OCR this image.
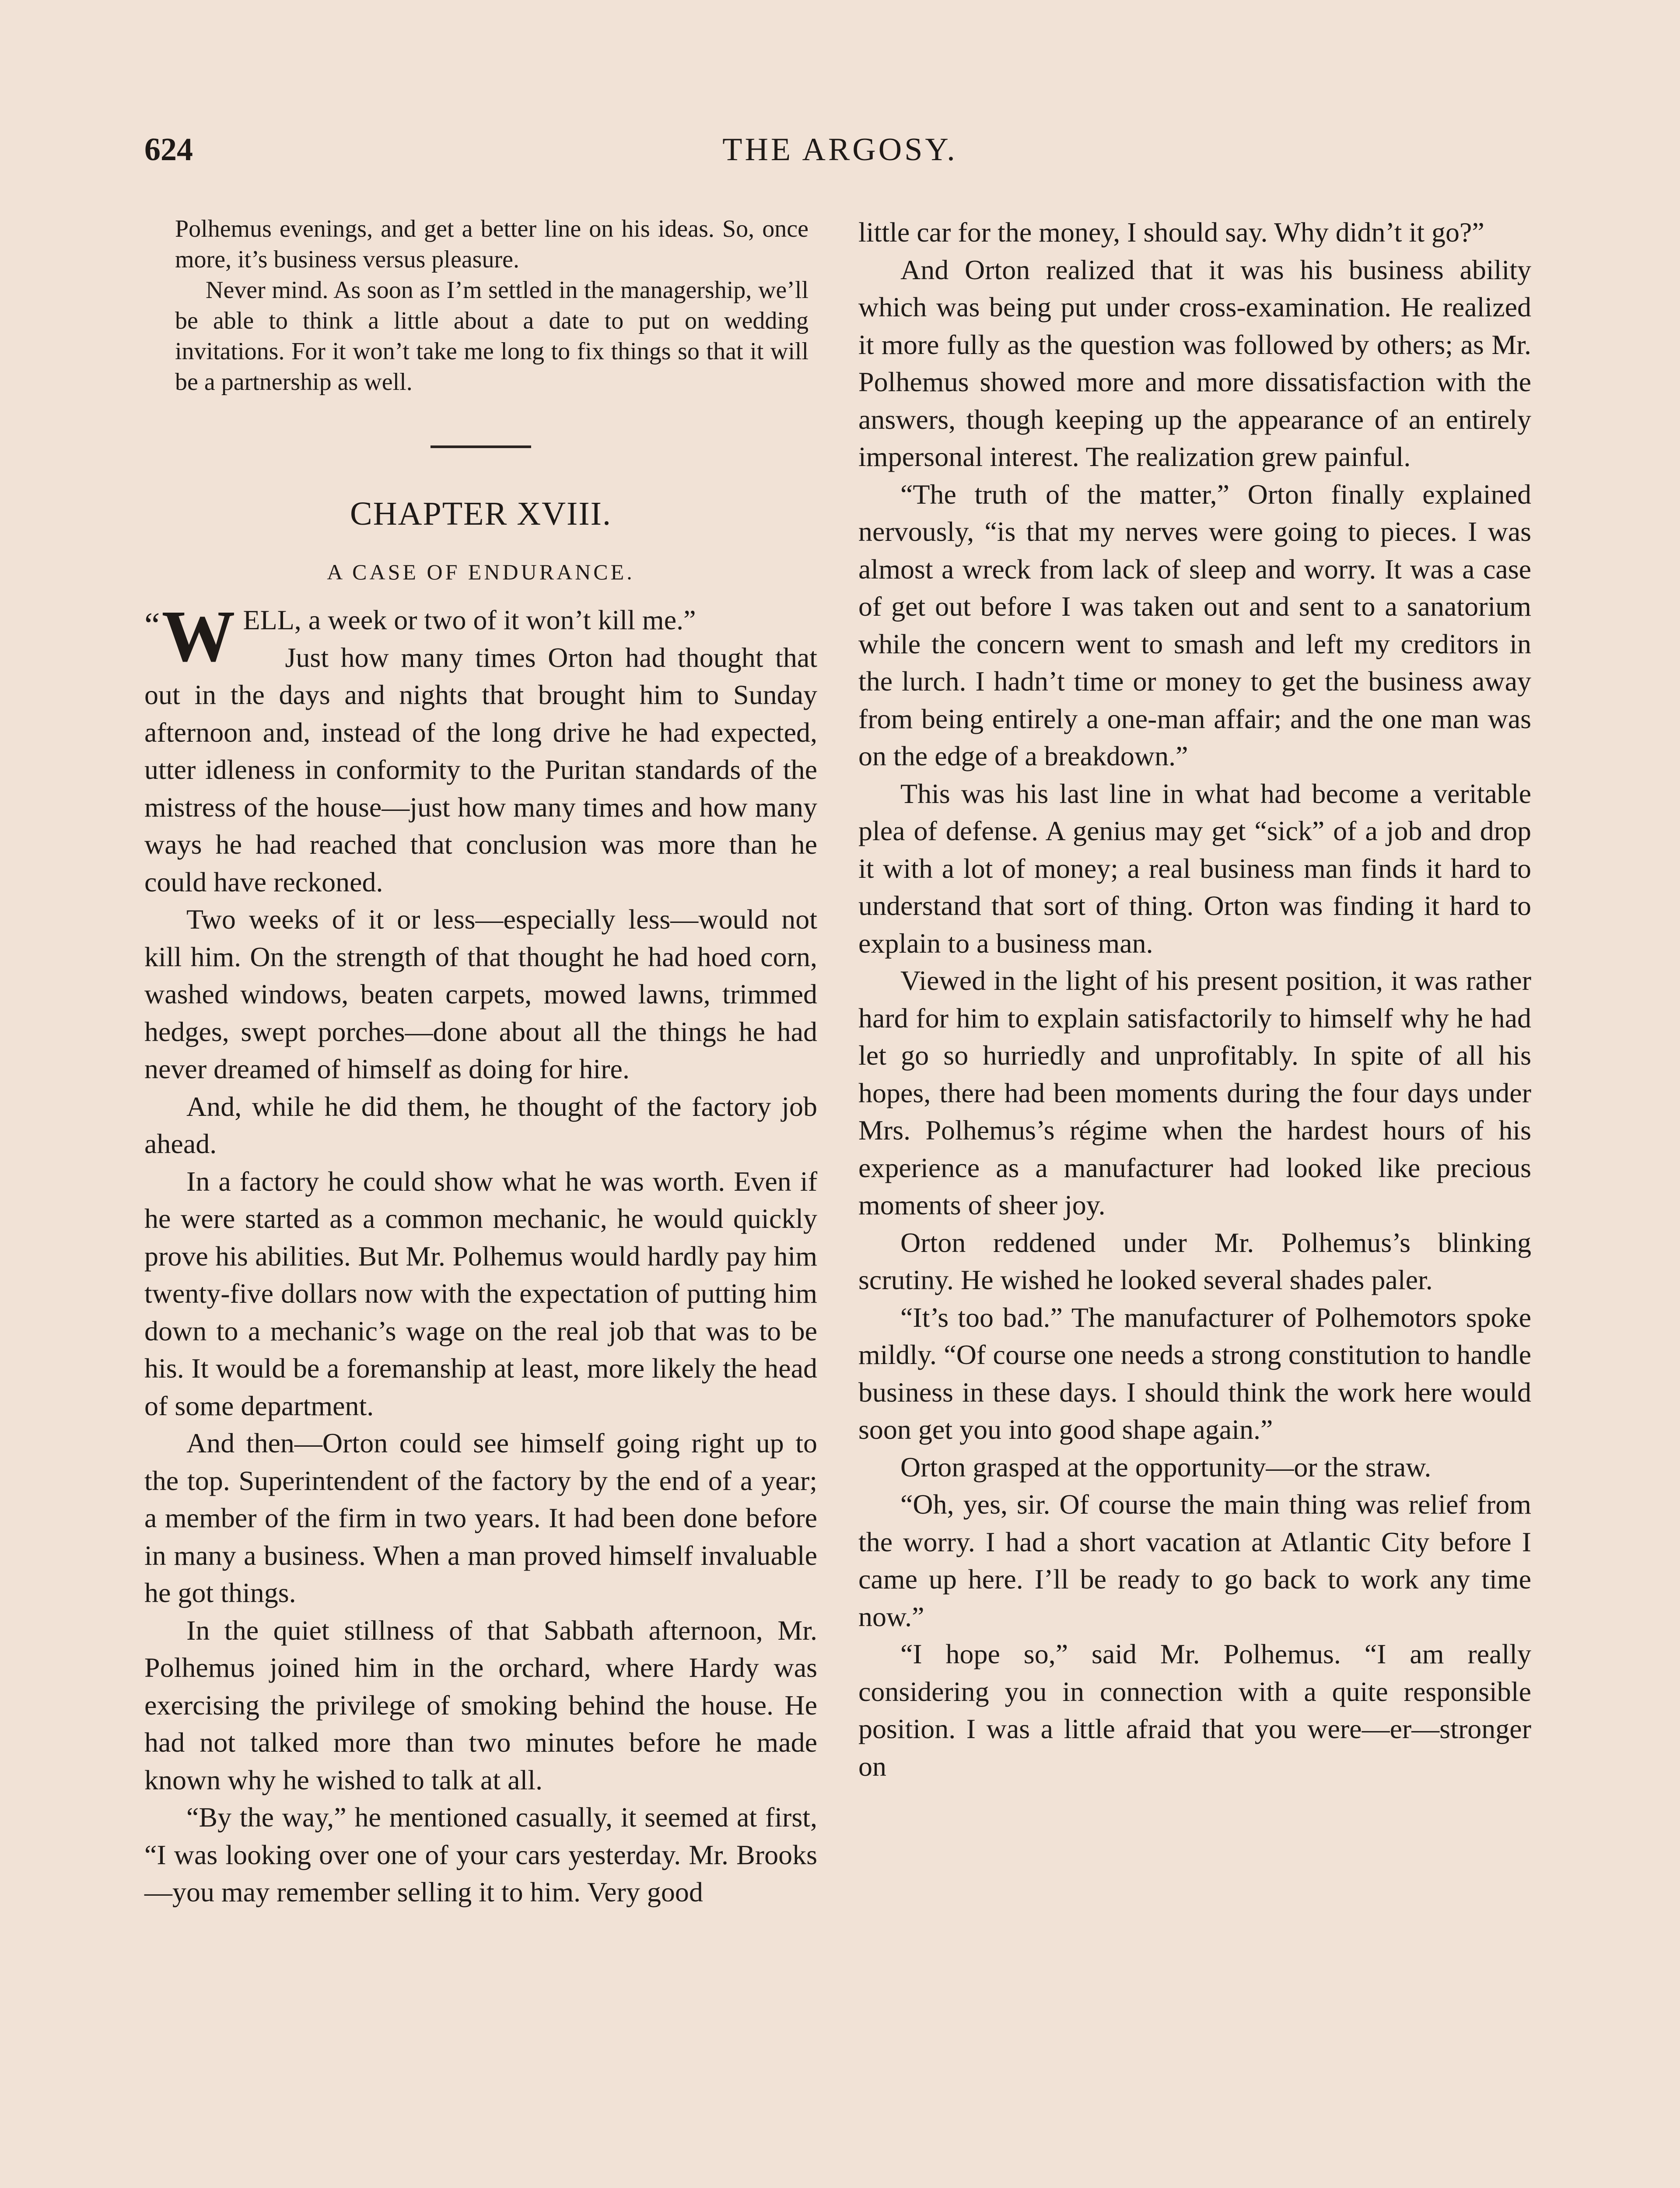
624	THE ARGOSY.

Polhemus evenings, and get a better line on his ideas. So, once more, it’s business versus pleasure.

Never mind. As soon as I’m settled in the managership, we’ll be able to think a little about a date to put on wedding invitations. For it won’t take me long to fix things so that it will be a partnership as well.

CHAPTER XVIII.
A CASE OF ENDURANCE.

“ W ELL, a week or two of it won’t kill me.”

Just how many times Orton had thought that out in the days and nights that brought him to Sunday afternoon and, instead of the long drive he had expected, utter idleness in conformity to the Puritan standards of the mistress of the house—just how many times and how many ways he had reached that conclusion was more than he could have reckoned.

Two weeks of it or less—especially less—would not kill him. On the strength of that thought he had hoed corn, washed windows, beaten carpets, mowed lawns, trimmed hedges, swept porches—done about all the things he had never dreamed of himself as doing for hire.

And, while he did them, he thought of the factory job ahead.

In a factory he could show what he was worth. Even if he were started as a common mechanic, he would quickly prove his abilities. But Mr. Polhemus would hardly pay him twenty-five dollars now with the expectation of putting him down to a mechanic’s wage on the real job that was to be his. It would be a foremanship at least, more likely the head of some department.

And then—Orton could see himself going right up to the top. Superintendent of the factory by the end of a year; a member of the firm in two years. It had been done before in many a business. When a man proved himself invaluable he got things.

In the quiet stillness of that Sabbath afternoon, Mr. Polhemus joined him in the orchard, where Hardy was exercising the privilege of smoking behind the house. He had not talked more than two minutes before he made known why he wished to talk at all.

“By the way,” he mentioned casually, it seemed at first, “I was looking over one of your cars yesterday. Mr. Brooks—you may remember selling it to him. Very good

little car for the money, I should say. Why didn’t it go?”

And Orton realized that it was his business ability which was being put under cross-examination. He realized it more fully as the question was followed by others; as Mr. Polhemus showed more and more dissatisfaction with the answers, though keeping up the appearance of an entirely impersonal interest. The realization grew painful.

“The truth of the matter,” Orton finally explained nervously, “is that my nerves were going to pieces. I was almost a wreck from lack of sleep and worry. It was a case of get out before I was taken out and sent to a sanatorium while the concern went to smash and left my creditors in the lurch. I hadn’t time or money to get the business away from being entirely a one-man affair; and the one man was on the edge of a breakdown.”

This was his last line in what had become a veritable plea of defense. A genius may get “sick” of a job and drop it with a lot of money; a real business man finds it hard to understand that sort of thing. Orton was finding it hard to explain to a business man.

Viewed in the light of his present position, it was rather hard for him to explain satisfactorily to himself why he had let go so hurriedly and unprofitably. In spite of all his hopes, there had been moments during the four days under Mrs. Polhemus’s régime when the hardest hours of his experience as a manufacturer had looked like precious moments of sheer joy.

Orton reddened under Mr. Polhemus’s blinking scrutiny. He wished he looked several shades paler.

“It’s too bad.” The manufacturer of Polhemotors spoke mildly. “Of course one needs a strong constitution to handle business in these days. I should think the work here would soon get you into good shape again.”

Orton grasped at the opportunity—or the straw.

“Oh, yes, sir. Of course the main thing was relief from the worry. I had a short vacation at Atlantic City before I came up here. I’ll be ready to go back to work any time now.”

“I hope so,” said Mr. Polhemus. “I am really considering you in connection with a quite responsible position. I was a little afraid that you were—er—stronger on
